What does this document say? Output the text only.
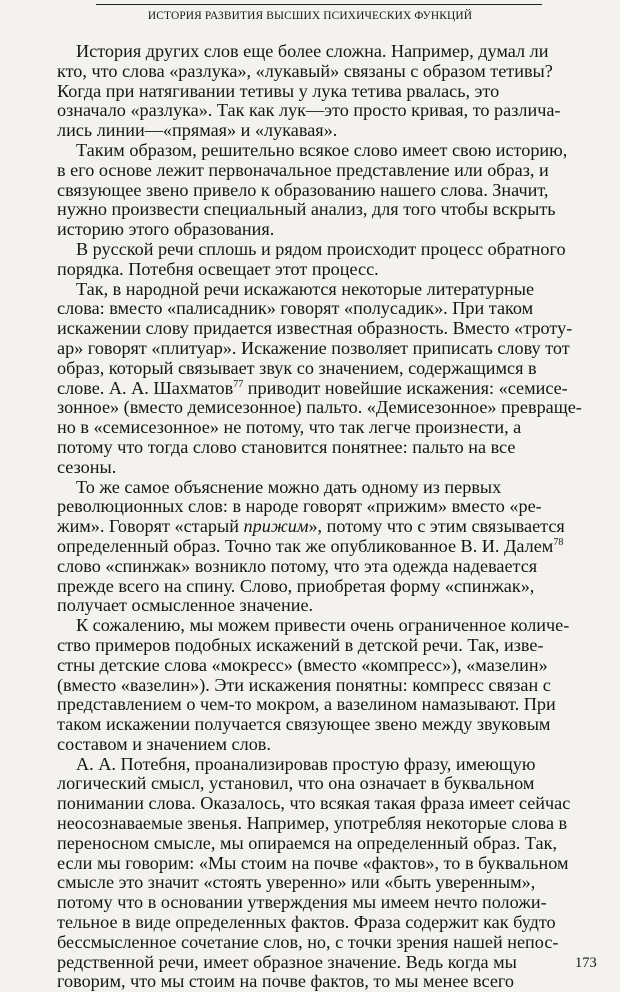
ИСТОРИЯ РАЗВИТИЯ ВЫСШИХ ПСИХИЧЕСКИХ ФУНКЦИЙ

История других слов еще более сложна. Например, думал ли
кто, что слова «разлука», «лукавый» связаны с образом тетивы?
Когда при натягивании тетивы у лука тетива рвалась, это
означало «разлука». Так как лук—это просто кривая, то различа-
лись линии—«прямая» и «лукавая».

Таким образом, решительно всякое слово имеет свою историю,
в его основе лежит первоначальное представление или образ, и
связующее звено привело к образованию нашего слова. Значит,
нужно произвести специальный анализ, для того чтобы вскрыть
историю этого образования.

В русской речи сплошь и рядом происходит процесс обратного
порядка. Потебня освещает этот процесс.

Так, в народной речи искажаются некоторые литературные
слова: вместо «палисадник» говорят «полусадик». При таком
искажении слову придается известная образность. Вместо «троту-
ар» говорят «плитуар». Искажение позволяет приписать слову тот
образ, который связывает звук со значением, содержащимся в
слове. А. А. Шахматов$^{77}$ приводит новейшие искажения: «семисе-
зонное» (вместо демисезонное) пальто. «Демисезонное» превраще-
но в «семисезонное» не потому, что так легче произнести, а
потому что тогда слово становится понятнее: пальто на все
сезоны.

То же самое объяснение можно дать одному из первых
революционных слов: в народе говорят «прижим» вместо «ре-
жим». Говорят «старый прижим», потому что с этим связывается
определенный образ. Точно так же опубликованное В. И. Далем$^{78}$
слово «спинжак» возникло потому, что эта одежда надевается
прежде всего на спину. Слово, приобретая форму «спинжак»,
получает осмысленное значение.

К сожалению, мы можем привести очень ограниченное количе-
ство примеров подобных искажений в детской речи. Так, изве-
стны детские слова «мокресс» (вместо «компресс»), «мазелин»
(вместо «вазелин»). Эти искажения понятны: компресс связан с
представлением о чем-то мокром, а вазелином намазывают. При
таком искажении получается связующее звено между звуковым
составом и значением слов.

А. А. Потебня, проанализировав простую фразу, имеющую
логический смысл, установил, что она означает в буквальном
понимании слова. Оказалось, что всякая такая фраза имеет сейчас
неосознаваемые звенья. Например, употребляя некоторые слова в
переносном смысле, мы опираемся на определенный образ. Так,
если мы говорим: «Мы стоим на почве «фактов», то в буквальном
смысле это значит «стоять уверенно» или «быть уверенным»,
потому что в основании утверждения мы имеем нечто положи-
тельное в виде определенных фактов. Фраза содержит как будто
бессмысленное сочетание слов, но, с точки зрения нашей непос-
редственной речи, имеет образное значение. Ведь когда мы
говорим, что мы стоим на почве фактов, то мы менее всего

173
